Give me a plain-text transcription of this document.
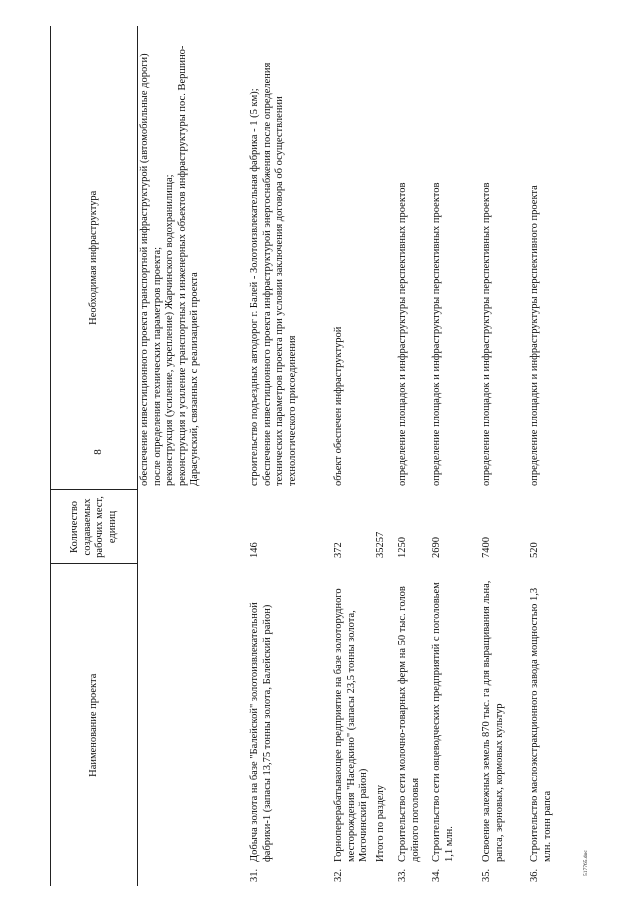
8
Наименование проекта		Количество создаваемых рабочих мест, единиц	Необходимая инфраструктура

			обеспечение инвестиционного проекта транспортной инфраструктурой (автомобильные дороги) после определения технических параметров проекта; реконструкция (усиление, укрепление) Жарчинского водохранилища; реконструкция и усиление транспортных и инженерных объектов инфраструктуры пос. Вершино-Дарасунский, связанных с реализацией проекта

31.	Добыча золота на базе "Балейской" золотоизвлекательной фабрики-1 (запасы 13,75 тонны золота, Балейский район)	146	строительство подъездных автодорог г. Балей - Золотоизвлекательная фабрика - 1 (5 км); обеспечение инвестиционного проекта инфраструктурой энергоснабжения после определения технических параметров проекта при условии заключения договора об осуществлении технологического присоединения

32.	Горноперерабатывающее предприятие на базе золоторудного месторождения "Наседкино" (запасы 23,5 тонны золота, Могочинский район)	372	объект обеспечен инфраструктурой

	Итого по разделу	35257	
33.	Строительство сети молочно-товарных ферм на 50 тыс. голов дойного поголовья	1250	определение площадок и инфраструктуры перспективных проектов

34.	Строительство сети овцеводческих предприятий с поголовьем 1,1 млн.	2690	определение площадок и инфраструктуры перспективных проектов

35.	Освоение залежных земель 870 тыс. га для выращивания льна, рапса, зерновых, кормовых культур	7400	определение площадок и инфраструктуры перспективных проектов

36.	Строительство маслоэкстракционного завода мощностью 1,3 млн. тонн рапса	520	определение площадки и инфраструктуры перспективного проекта
517765.doc
